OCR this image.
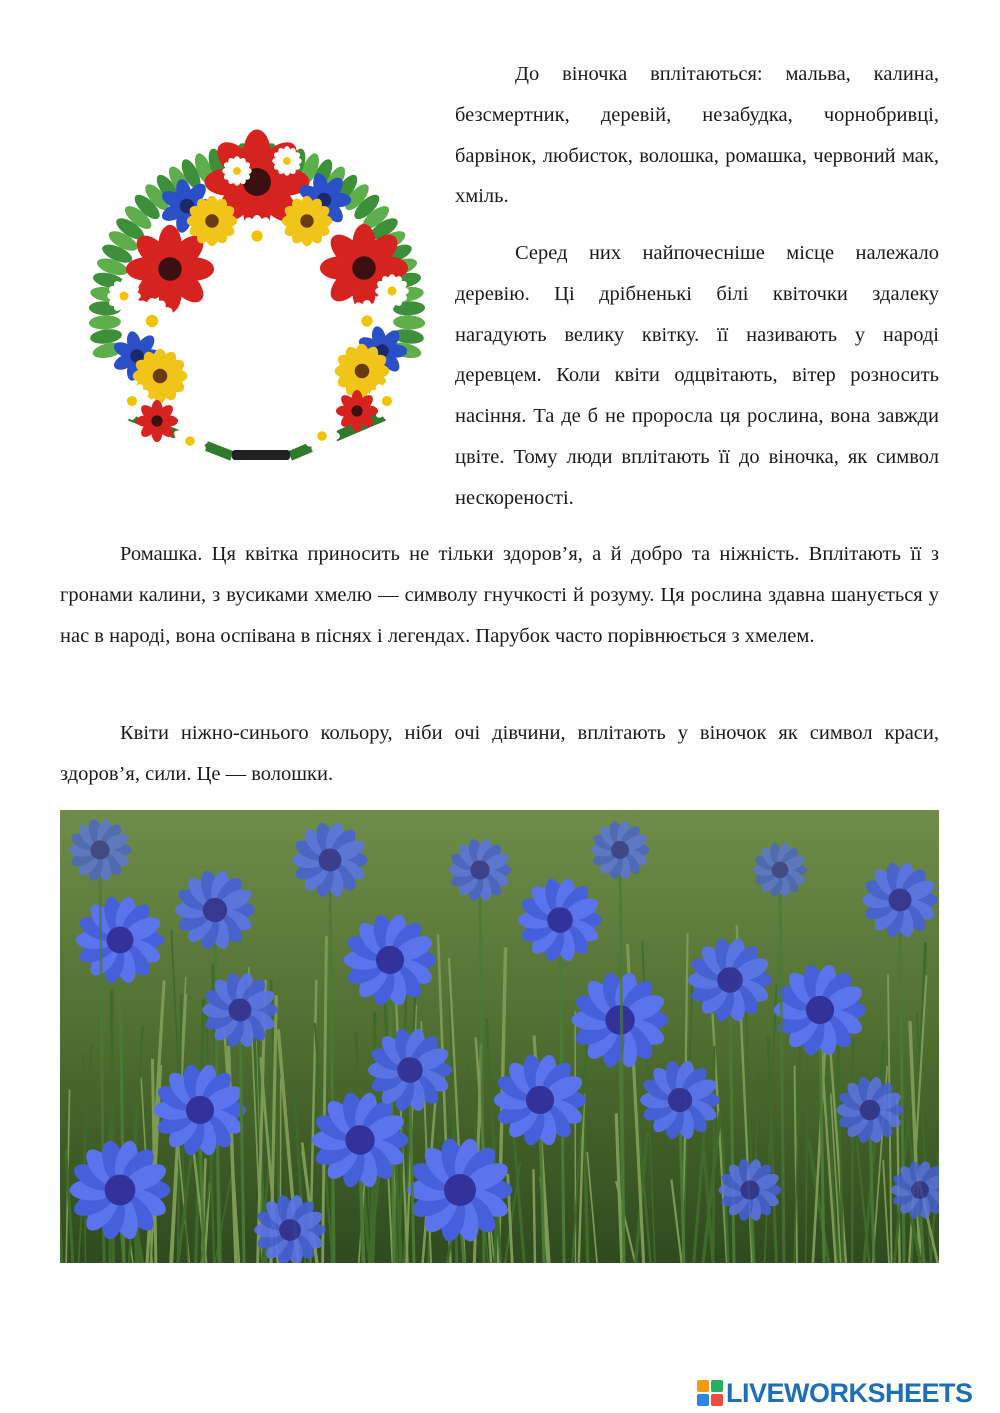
До віночка вплітаються: мальва, калина, безсмертник, деревій, незабудка, чорнобривці, барвінок, любисток, волошка, ромашка, червоний мак, хміль.

Серед них найпочесніше місце належало деревію. Ці дрібненькі білі квіточки здалеку нагадують велику квітку. її називають у народі деревцем. Коли квіти одцвітають, вітер розносить насіння. Та де б не проросла ця рослина, вона завжди цвіте. Тому люди вплітають її до віночка, як символ нескореності.

Ромашка. Ця квітка приносить не тільки здоров’я, а й добро та ніжність. Вплітають її з гронами калини, з вусиками хмелю — символу гнучкості й розуму. Ця рослина здавна шанується у нас в народі, вона оспівана в піснях і легендах. Парубок часто порівнюється з хмелем.

Квіти ніжно-синього кольору, ніби очі дівчини, вплітають у віночок як символ краси, здоров’я, сили. Це — волошки.

LIVEWORKSHEETS
